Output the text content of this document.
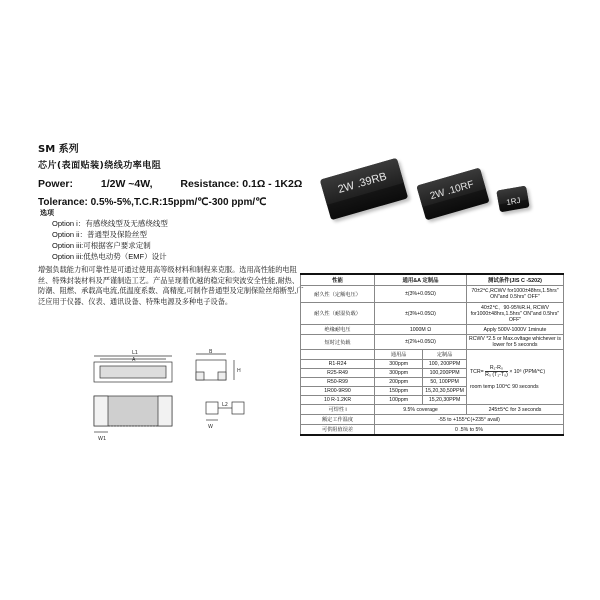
SM 系列
芯片(表面贴装)绕线功率电阻
Power:	1/2W ~4W,	Resistance: 0.1Ω - 1K2Ω
Tolerance: 0.5%-5%,T.C.R:15ppm/℃-300 ppm/℃
选项
Option i：有感绕线型及无感绕线型
Option ii：普通型及保险丝型
Option iii:可根据客户要求定制
Option iii:低热电动势（EMF）设计
增强负载能力和可靠性是可通过使用高等级材料和制程来克服。选用高性能的电阻丝、特殊封装材料及严谨制造工艺。产品呈现着优越的稳定和突波安全性能,耐热、防潮、阻燃、承载高电流,低温度系数、高精度,可制作普通型及定制保险丝熔断型,广泛应用于仪器、仪表、通讯设备、特殊电源及多种电子设备。
$_{2W .39RB}$	$_{2W .10RF}$	1RJ
L1
A
B
H
L2
W
W1
性能	通用&A 定制品		测试条件(JIS C -5202)
耐久性（定额电压）	±(3%+0.05Ω)		70±2℃,RCWV for1000±48hrs,1.5hrs" ON"and 0.5hrs" OFF"
耐久性（耐湿负载）	±(3%+0.05Ω)		40±2℃、90-95%R.H, RCWV for1000±48hrs,1.5hrs" ON"and 0.5hrs" OFF"
绝缘耐电压	1000M Ω		Apply 500V-1000V 1minute
短时过负载	±(2%+0.05Ω)		RCWV *2.5 or Max.ovltage whichever is lower for 5 seconds
	通用品	定制品	$TCR= \frac{\text{R₁-R₀}}{\text{R₀ (T₁-T₀)}} \times 10^6$ (PPM/℃)
room temp 100℃ 90 seconds

R1-R24	300ppm	100, 200PPM	
R25-R49	300ppm	100,200PPM	
R50-R99	200ppm	50, 100PPM	
1R00-9R90	150ppm	15,20,30,50PPM	
10 R-1.2KR	100ppm	15,20,30PPM	
可焊性 i	9.5% coverage		245±5℃ for 3 seconds
额定工作温度	-55 to +155℃(+235° avail)		
可供阻值误差	0 .5% to 5%		
